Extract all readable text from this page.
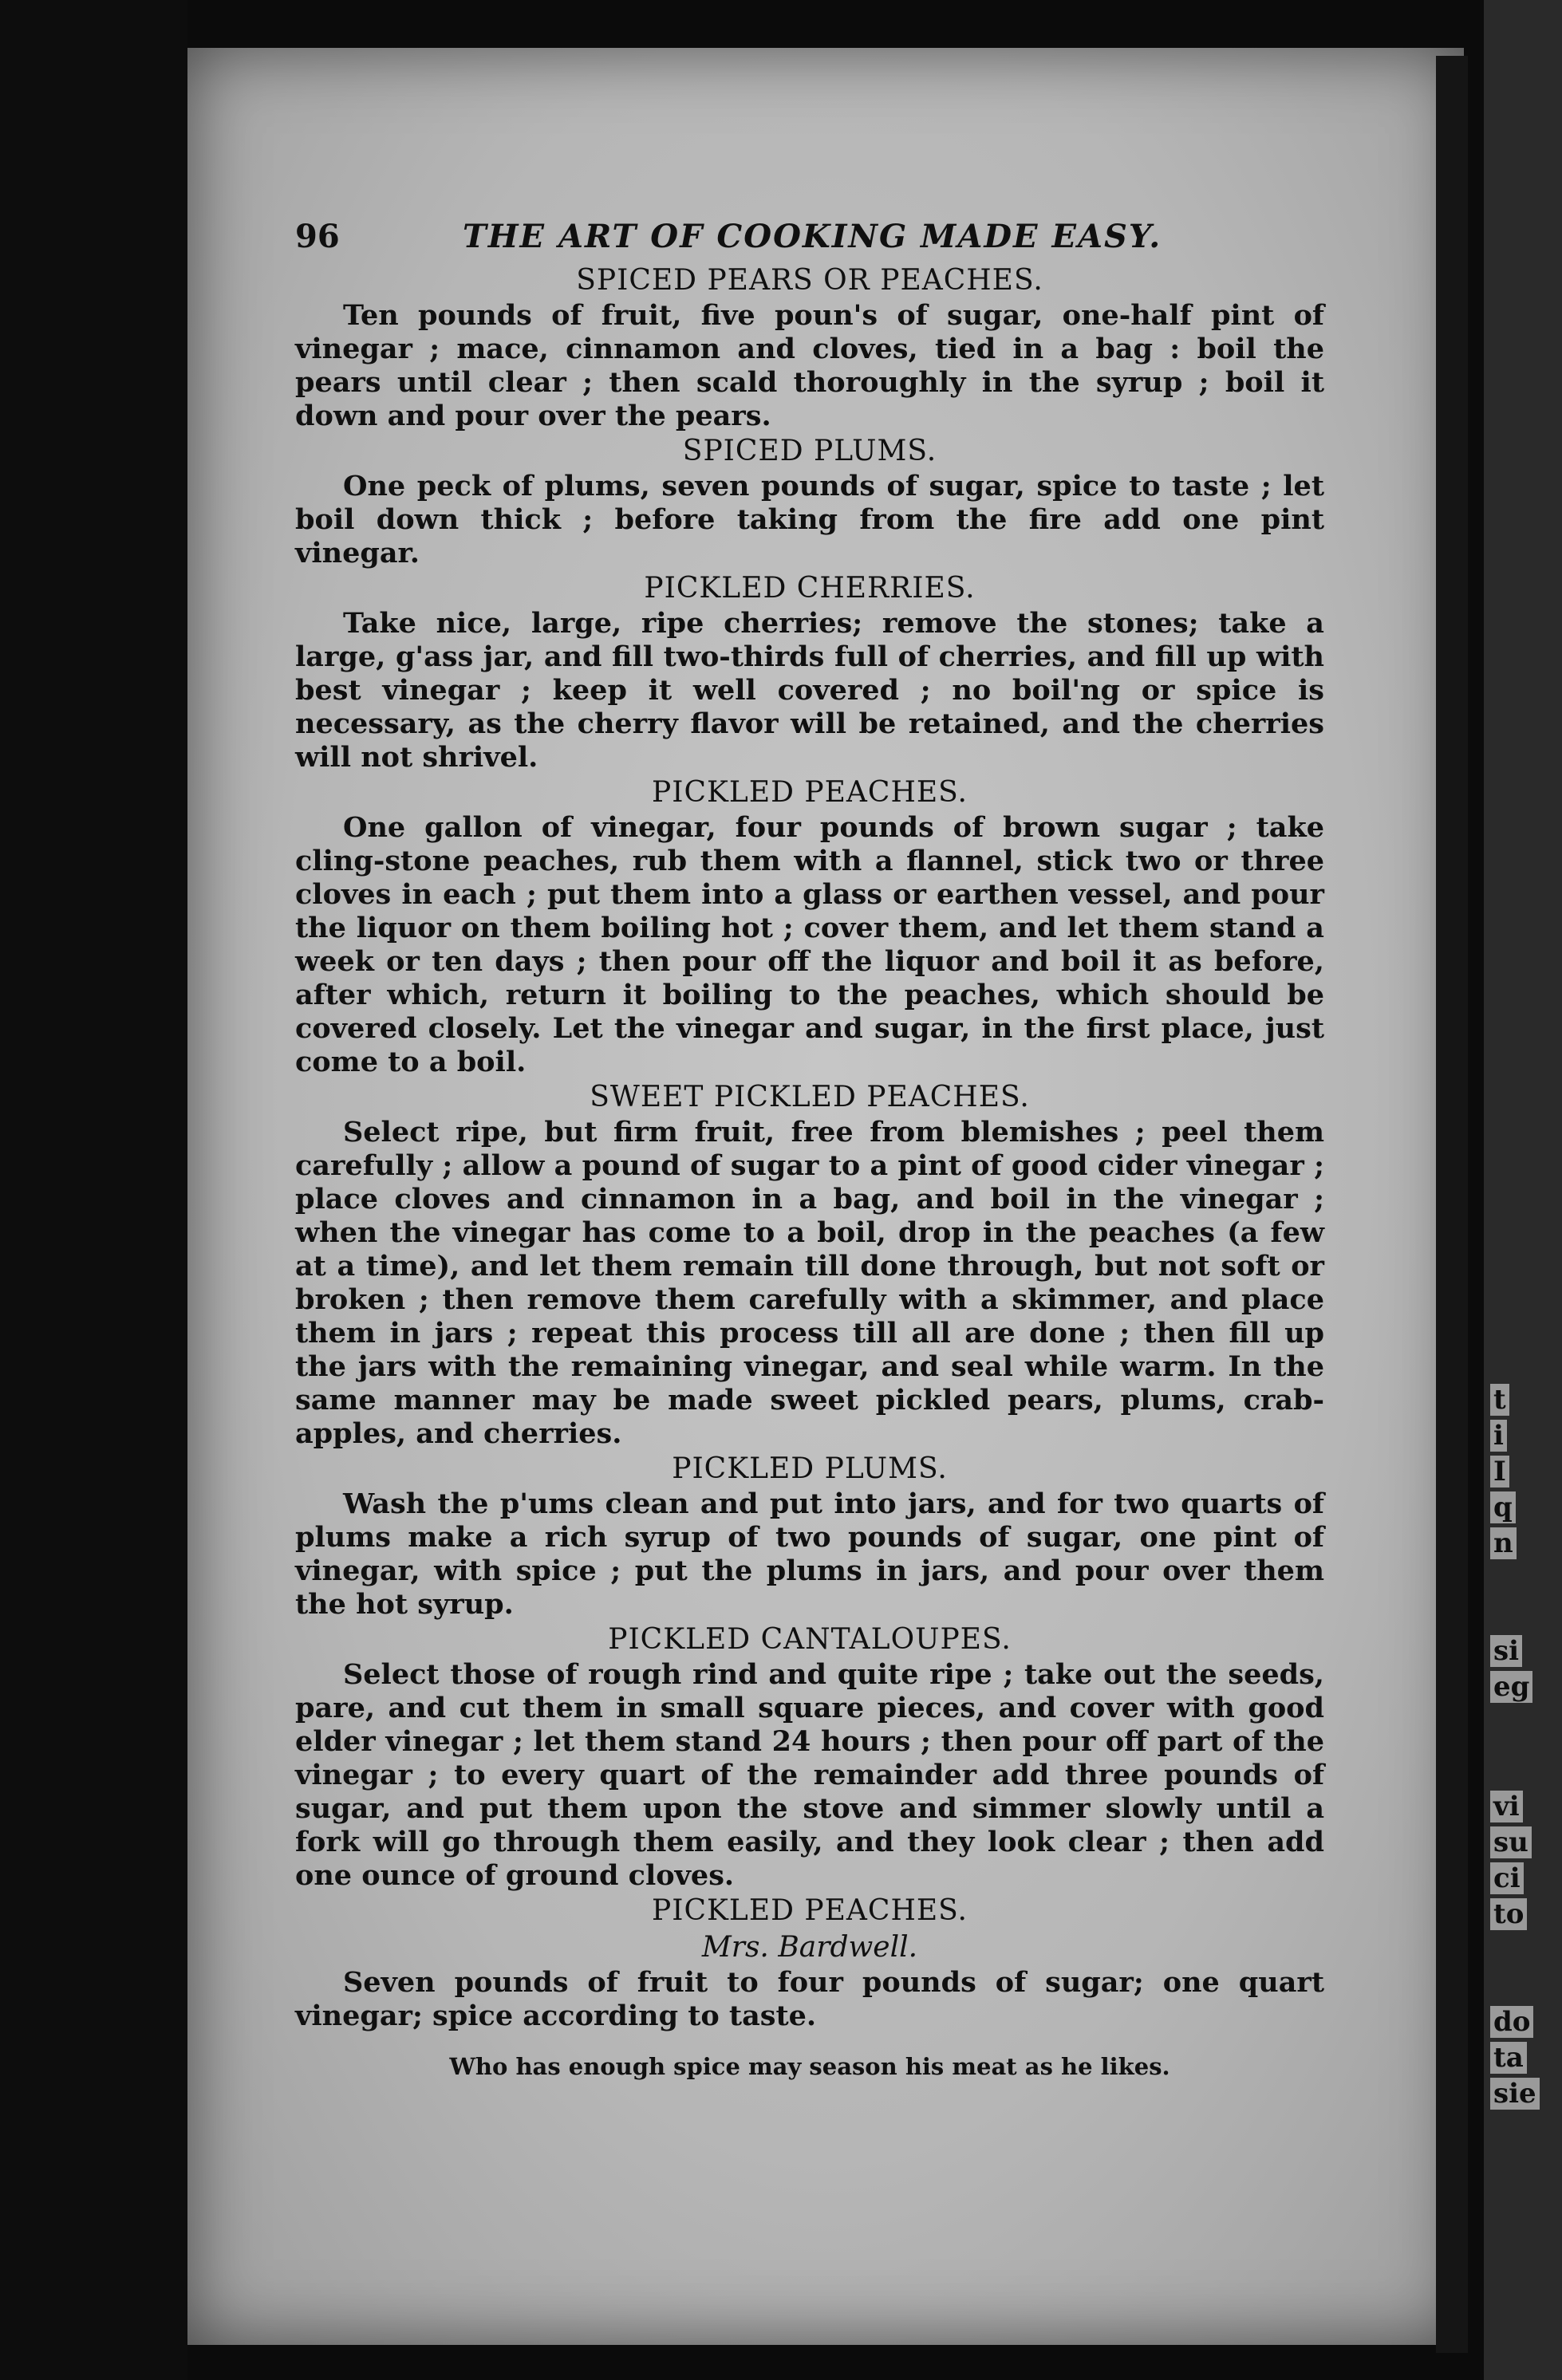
t
i
I
q
n
si
eg
vi
su
ci
to
do
ta
sie
96	THE ART OF COOKING MADE EASY.
SPICED PEARS OR PEACHES.

Ten pounds of fruit, five poun's of sugar, one-half pint of vinegar ; mace, cinnamon and cloves, tied in a bag : boil the pears until clear ; then scald thoroughly in the syrup ; boil it down and pour over the pears.

SPICED PLUMS.

One peck of plums, seven pounds of sugar, spice to taste ; let boil down thick ; before taking from the fire add one pint vinegar.

PICKLED CHERRIES.

Take nice, large, ripe cherries; remove the stones; take a large, g'ass jar, and fill two-thirds full of cherries, and fill up with best vinegar ; keep it well covered ; no boil'ng or spice is necessary, as the cherry flavor will be retained, and the cherries will not shrivel.

PICKLED PEACHES.

One gallon of vinegar, four pounds of brown sugar ; take cling-stone peaches, rub them with a flannel, stick two or three cloves in each ; put them into a glass or earthen vessel, and pour the liquor on them boiling hot ; cover them, and let them stand a week or ten days ; then pour off the liquor and boil it as before, after which, return it boiling to the peaches, which should be covered closely. Let the vinegar and sugar, in the first place, just come to a boil.

SWEET PICKLED PEACHES.

Select ripe, but firm fruit, free from blemishes ; peel them carefully ; allow a pound of sugar to a pint of good cider vinegar ; place cloves and cinnamon in a bag, and boil in the vinegar ; when the vinegar has come to a boil, drop in the peaches (a few at a time), and let them remain till done through, but not soft or broken ; then remove them carefully with a skimmer, and place them in jars ; repeat this process till all are done ; then fill up the jars with the remaining vinegar, and seal while warm. In the same manner may be made sweet pickled pears, plums, crab-apples, and cherries.

PICKLED PLUMS.

Wash the p'ums clean and put into jars, and for two quarts of plums make a rich syrup of two pounds of sugar, one pint of vinegar, with spice ; put the plums in jars, and pour over them the hot syrup.

PICKLED CANTALOUPES.

Select those of rough rind and quite ripe ; take out the seeds, pare, and cut them in small square pieces, and cover with good elder vinegar ; let them stand 24 hours ; then pour off part of the vinegar ; to every quart of the remainder add three pounds of sugar, and put them upon the stove and simmer slowly until a fork will go through them easily, and they look clear ; then add one ounce of ground cloves.

PICKLED PEACHES.
Mrs. Bardwell.

Seven pounds of fruit to four pounds of sugar; one quart vinegar; spice according to taste.

Who has enough spice may season his meat as he likes.
